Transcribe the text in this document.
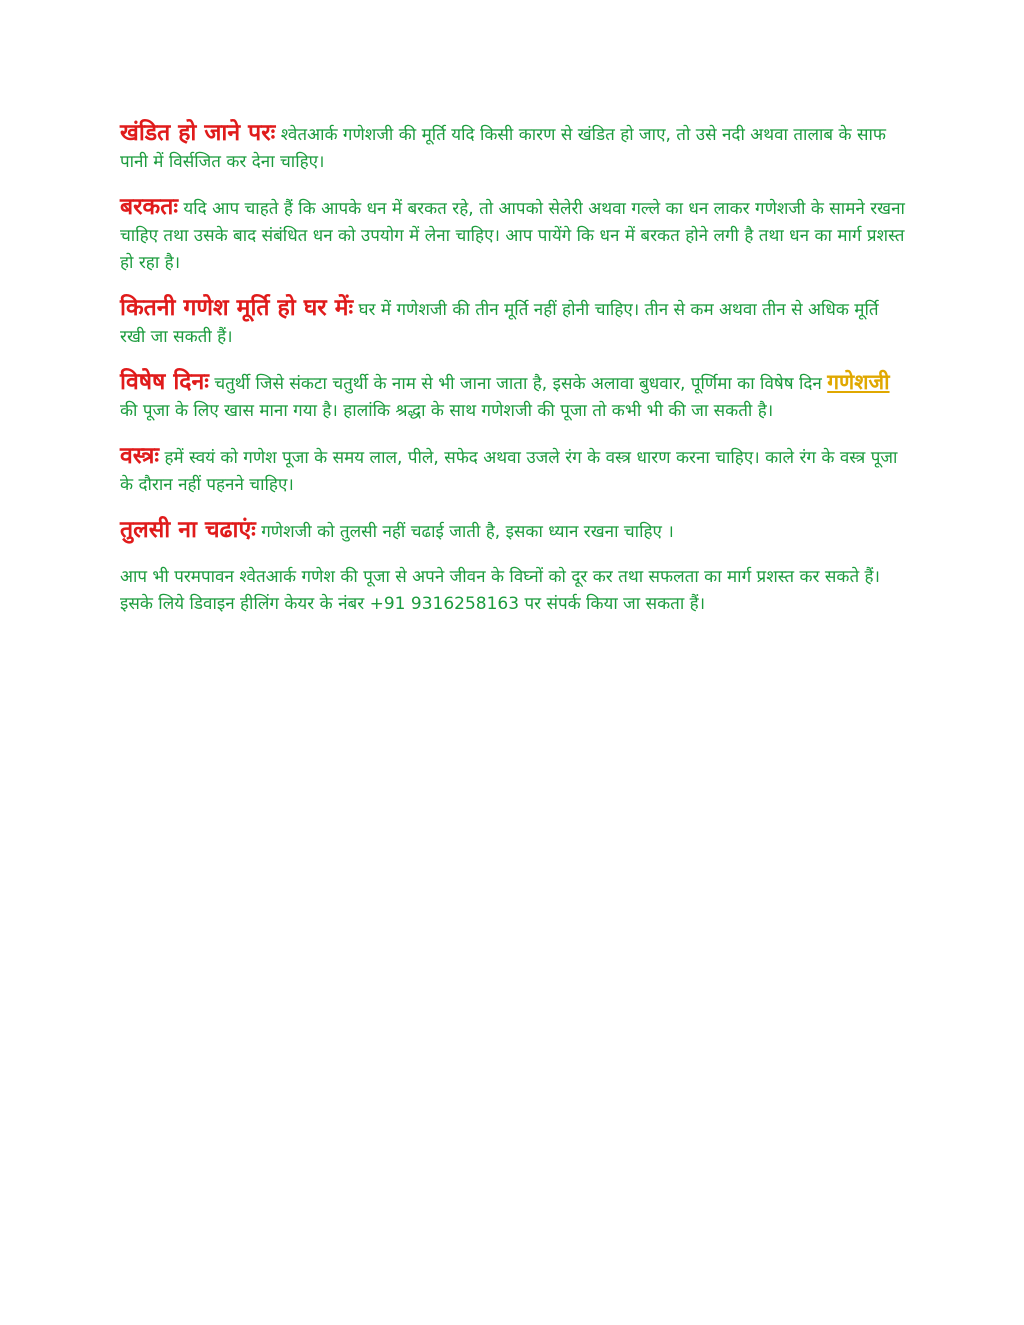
खंडित हो जाने परः श्वेतआर्क गणेशजी की मूर्ति यदि किसी कारण से खंडित हो जाए, तो उसे नदी अथवा तालाब के साफ पानी में विर्सजित कर देना चाहिए।

बरकतः यदि आप चाहते हैं कि आपके धन में बरकत रहे, तो आपको सेलेरी अथवा गल्ले का धन लाकर गणेशजी के सामने रखना चाहिए तथा उसके बाद संबंधित धन को उपयोग में लेना चाहिए। आप पायेंगे कि धन में बरकत होने लगी है तथा धन का मार्ग प्रशस्त हो रहा है।

कितनी गणेश मूर्ति हो घर मेंः घर में गणेशजी की तीन मूर्ति नहीं होनी चाहिए। तीन से कम अथवा तीन से अधिक मूर्ति रखी जा सकती हैं।

विषेष दिनः चतुर्थी जिसे संकटा चतुर्थी के नाम से भी जाना जाता है, इसके अलावा बुधवार, पूर्णिमा का विषेष दिन गणेशजी की पूजा के लिए खास माना गया है। हालांकि श्रद्धा के साथ गणेशजी की पूजा तो कभी भी की जा सकती है।

वस्त्रः हमें स्वयं को गणेश पूजा के समय लाल, पीले, सफेद अथवा उजले रंग के वस्त्र धारण करना चाहिए। काले रंग के वस्त्र पूजा के दौरान नहीं पहनने चाहिए।

तुलसी ना चढाएंः गणेशजी को तुलसी नहीं चढाई जाती है, इसका ध्यान रखना चाहिए ।

आप भी परमपावन श्वेतआर्क गणेश की पूजा से अपने जीवन के विघ्नों को दूर कर तथा सफलता का मार्ग प्रशस्त कर सकते हैं। इसके लिये डिवाइन हीलिंग केयर के नंबर +91 9316258163 पर संपर्क किया जा सकता हैं।
